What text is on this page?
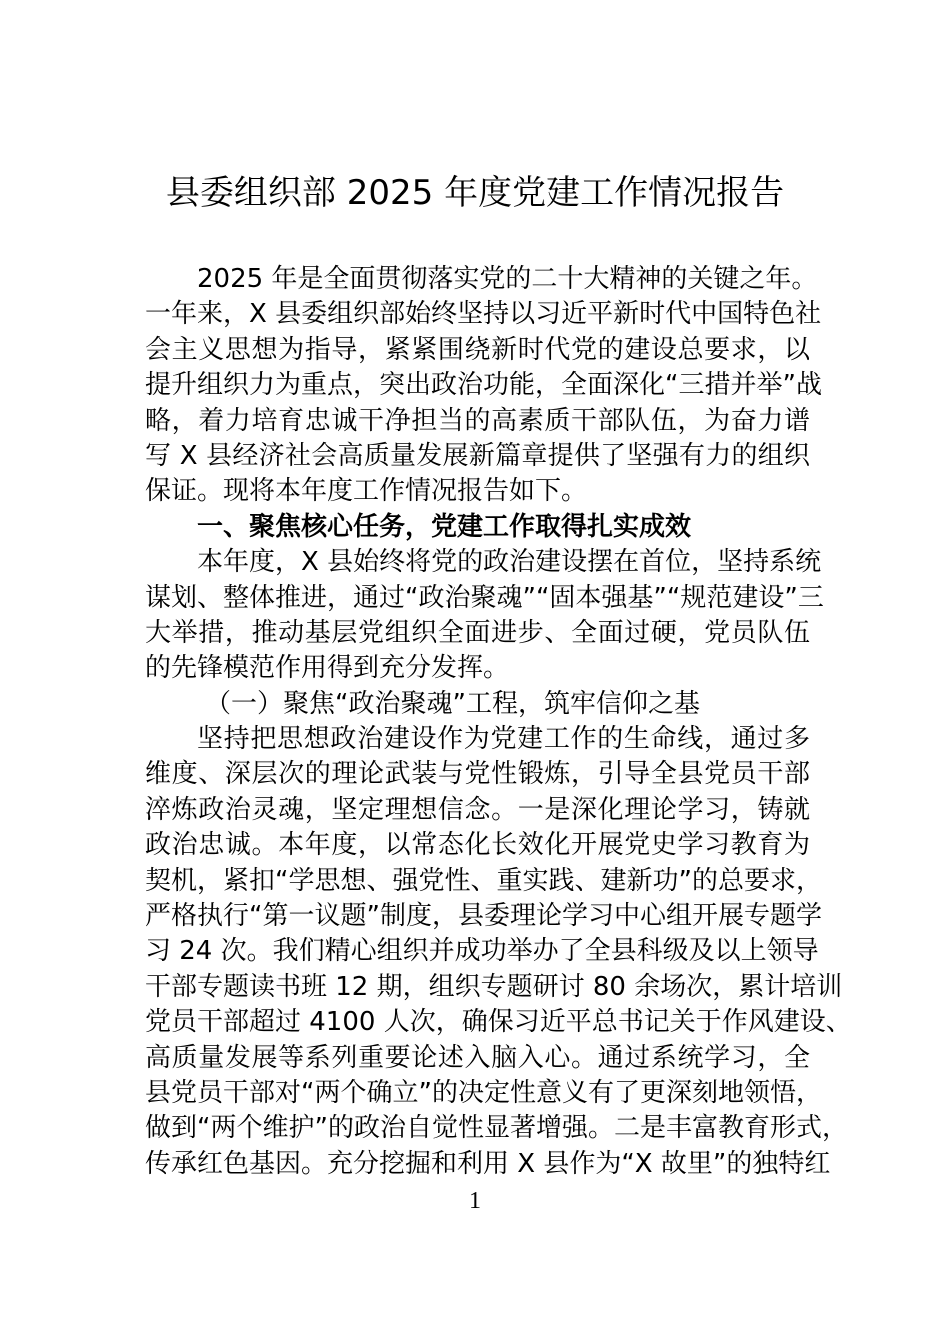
县委组织部 2025 年度党建工作情况报告
2025 年是全面贯彻落实党的二十大精神的关键之年。
一年来，X 县委组织部始终坚持以习近平新时代中国特色社
会主义思想为指导，紧紧围绕新时代党的建设总要求，以
提升组织力为重点，突出政治功能，全面深化“三措并举”战
略，着力培育忠诚干净担当的高素质干部队伍，为奋力谱
写 X 县经济社会高质量发展新篇章提供了坚强有力的组织
保证。现将本年度工作情况报告如下。
一、聚焦核心任务，党建工作取得扎实成效
本年度，X 县始终将党的政治建设摆在首位，坚持系统
谋划、整体推进，通过“政治聚魂”“固本强基”“规范建设”三
大举措，推动基层党组织全面进步、全面过硬，党员队伍
的先锋模范作用得到充分发挥。
（一）聚焦“政治聚魂”工程，筑牢信仰之基
坚持把思想政治建设作为党建工作的生命线，通过多
维度、深层次的理论武装与党性锻炼，引导全县党员干部
淬炼政治灵魂，坚定理想信念。一是深化理论学习，铸就
政治忠诚。本年度，以常态化长效化开展党史学习教育为
契机，紧扣“学思想、强党性、重实践、建新功”的总要求，
严格执行“第一议题”制度，县委理论学习中心组开展专题学
习 24 次。我们精心组织并成功举办了全县科级及以上领导
干部专题读书班 12 期，组织专题研讨 80 余场次，累计培训
党员干部超过 4100 人次，确保习近平总书记关于作风建设、
高质量发展等系列重要论述入脑入心。通过系统学习，全
县党员干部对“两个确立”的决定性意义有了更深刻地领悟，
做到“两个维护”的政治自觉性显著增强。二是丰富教育形式，
传承红色基因。充分挖掘和利用 X 县作为“X 故里”的独特红
1
